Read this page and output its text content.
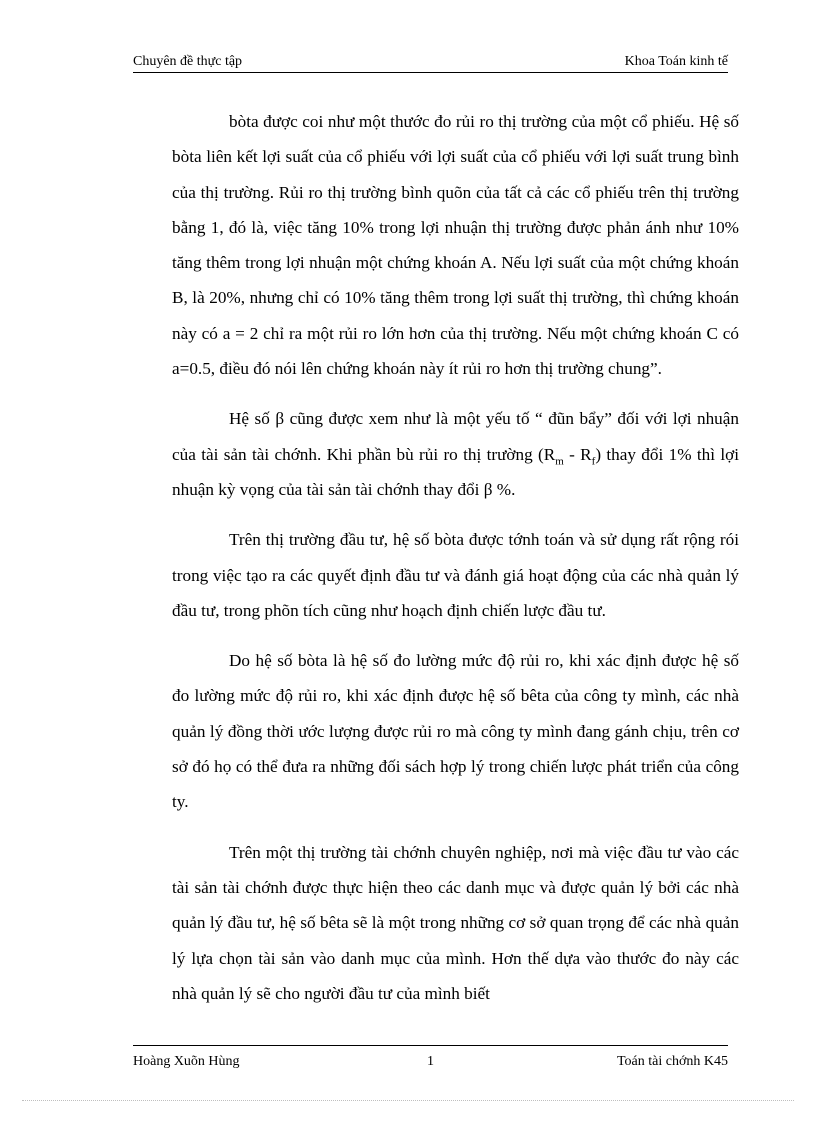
Chuyên đề thực tập	Khoa Toán kinh tế

bòta được coi như một thước đo rủi ro thị trường của một cổ phiếu. Hệ số bòta liên kết lợi suất của cổ phiếu với lợi suất của cổ phiếu với lợi suất trung bình của thị trường. Rủi ro thị trường bình quõn của tất cả các cổ phiếu trên thị trường bằng 1, đó là, việc tăng 10% trong lợi nhuận thị trường được phản ánh như 10% tăng thêm trong lợi nhuận một chứng khoán A. Nếu lợi suất của một chứng khoán B, là 20%, nhưng chỉ có 10% tăng thêm trong lợi suất thị trường, thì chứng khoán này có a = 2 chỉ ra một rủi ro lớn hơn của thị trường. Nếu một chứng khoán C có a=0.5, điều đó nói lên chứng khoán này ít rủi ro hơn thị trường chung”.

Hệ số β cũng được xem như là một yếu tố “ đũn bẩy” đối với lợi nhuận của tài sản tài chớnh. Khi phần bù rủi ro thị trường $(R_m - R_f)$ thay đổi 1% thì lợi nhuận kỳ vọng của tài sản tài chớnh thay đổi β %.

Trên thị trường đầu tư, hệ số bòta được tớnh toán và sử dụng rất rộng rói trong việc tạo ra các quyết định đầu tư và đánh giá hoạt động của các nhà quản lý đầu tư, trong phõn tích cũng như hoạch định chiến lược đầu tư.

Do hệ số bòta là hệ số đo lường mức độ rủi ro, khi xác định được hệ số đo lường mức độ rủi ro, khi xác định được hệ số bêta của công ty mình, các nhà quản lý đồng thời ước lượng được rủi ro mà công ty mình đang gánh chịu, trên cơ sở đó họ có thể đưa ra những đối sách hợp lý trong chiến lược phát triển của công ty.

Trên một thị trường tài chớnh chuyên nghiệp, nơi mà việc đầu tư vào các tài sản tài chớnh được thực hiện theo các danh mục và được quản lý bởi các nhà quản lý đầu tư, hệ số bêta sẽ là một trong những cơ sở quan trọng để các nhà quản lý lựa chọn tài sản vào danh mục của mình. Hơn thế dựa vào thước đo này các nhà quản lý sẽ cho người đầu tư của mình biết

Hoàng Xuõn Hùng	1	Toán tài chớnh K45
